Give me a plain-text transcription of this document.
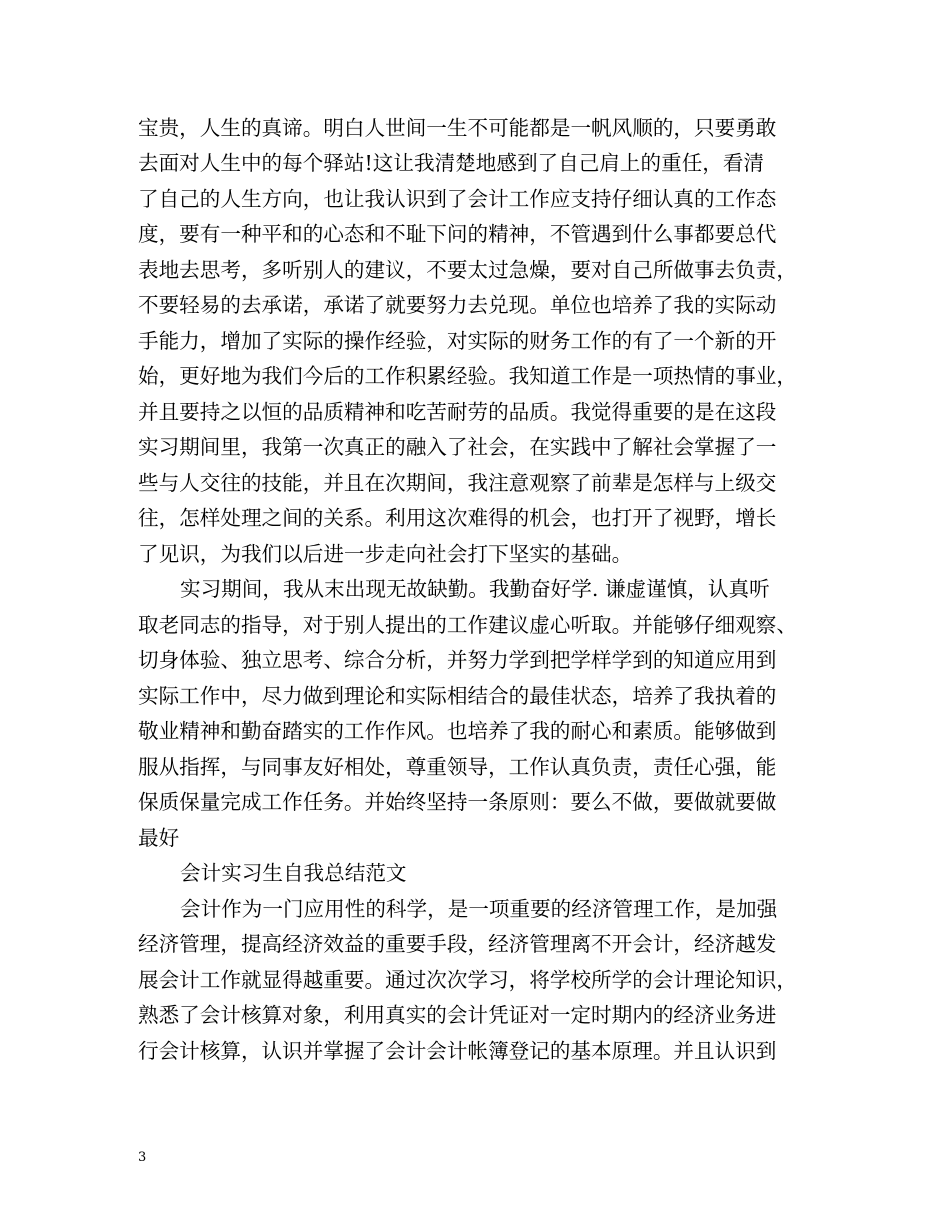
宝贵，人生的真谛。明白人世间一生不可能都是一帆风顺的，只要勇敢
去面对人生中的每个驿站!这让我清楚地感到了自己肩上的重任，看清
了自己的人生方向，也让我认识到了会计工作应支持仔细认真的工作态
度，要有一种平和的心态和不耻下问的精神，不管遇到什么事都要总代
表地去思考，多听别人的建议，不要太过急燥，要对自己所做事去负责，
不要轻易的去承诺，承诺了就要努力去兑现。单位也培养了我的实际动
手能力，增加了实际的操作经验，对实际的财务工作的有了一个新的开
始，更好地为我们今后的工作积累经验。我知道工作是一项热情的事业，
并且要持之以恒的品质精神和吃苦耐劳的品质。我觉得重要的是在这段
实习期间里，我第一次真正的融入了社会，在实践中了解社会掌握了一
些与人交往的技能，并且在次期间，我注意观察了前辈是怎样与上级交
往，怎样处理之间的关系。利用这次难得的机会，也打开了视野，增长
了见识，为我们以后进一步走向社会打下坚实的基础。
实习期间，我从末出现无故缺勤。我勤奋好学. 谦虚谨慎，认真听
取老同志的指导，对于别人提出的工作建议虚心听取。并能够仔细观察、
切身体验、独立思考、综合分析，并努力学到把学样学到的知道应用到
实际工作中，尽力做到理论和实际相结合的最佳状态，培养了我执着的
敬业精神和勤奋踏实的工作作风。也培养了我的耐心和素质。能够做到
服从指挥，与同事友好相处，尊重领导，工作认真负责，责任心强，能
保质保量完成工作任务。并始终坚持一条原则：要么不做，要做就要做
最好
会计实习生自我总结范文
会计作为一门应用性的科学，是一项重要的经济管理工作，是加强
经济管理，提高经济效益的重要手段，经济管理离不开会计，经济越发
展会计工作就显得越重要。通过次次学习，将学校所学的会计理论知识，
熟悉了会计核算对象，利用真实的会计凭证对一定时期内的经济业务进
行会计核算，认识并掌握了会计会计帐簿登记的基本原理。并且认识到
3
